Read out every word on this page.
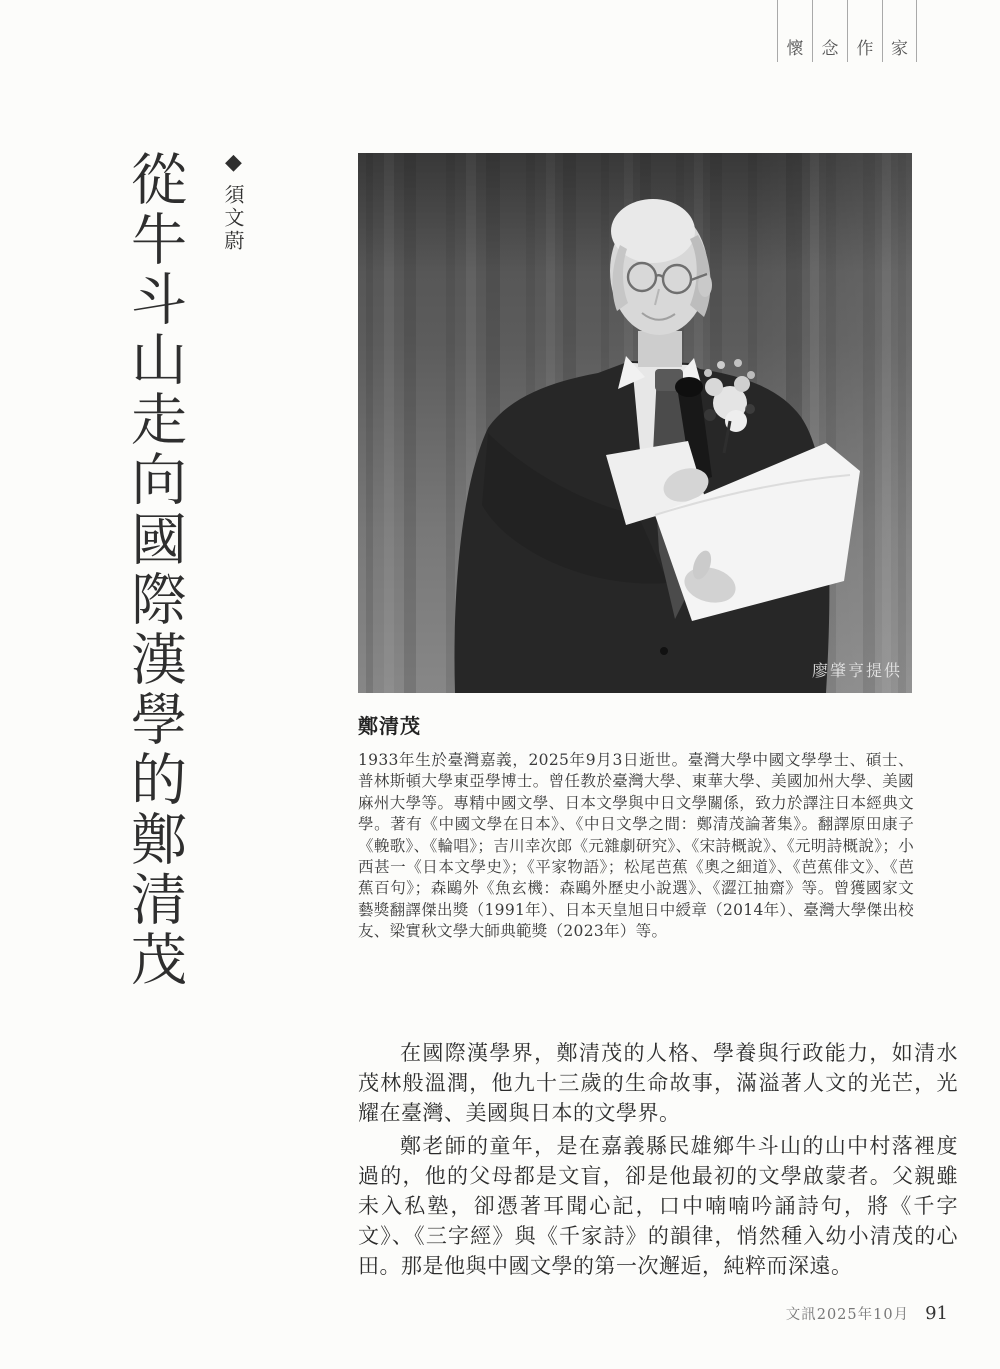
懷	念	作	家
從牛斗山走向國際漢學的鄭清茂 ◆須文蔚
廖肇亨提供
鄭清茂

1933年生於臺灣嘉義，2025年9月3日逝世。臺灣大學中國文學學士、碩士、普林斯頓大學東亞學博士。曾任教於臺灣大學、東華大學、美國加州大學、美國麻州大學等。專精中國文學、日本文學與中日文學關係，致力於譯注日本經典文學。著有《中國文學在日本》、《中日文學之間：鄭清茂論著集》。翻譯原田康子《輓歌》、《輪唱》；吉川幸次郎《元雜劇研究》、《宋詩概說》、《元明詩概說》；小西甚一《日本文學史》；《平家物語》；松尾芭蕉《奧之細道》、《芭蕉俳文》、《芭蕉百句》；森鷗外《魚玄機：森鷗外歷史小說選》、《澀江抽齋》等。曾獲國家文藝獎翻譯傑出獎（1991年）、日本天皇旭日中綬章（2014年）、臺灣大學傑出校友、梁實秋文學大師典範獎（2023年）等。

在國際漢學界，鄭清茂的人格、學養與行政能力，如清水茂林般溫潤，他九十三歲的生命故事，滿溢著人文的光芒，光耀在臺灣、美國與日本的文學界。

鄭老師的童年，是在嘉義縣民雄鄉牛斗山的山中村落裡度過的，他的父母都是文盲，卻是他最初的文學啟蒙者。父親雖未入私塾，卻憑著耳聞心記，口中喃喃吟誦詩句，將《千字文》、《三字經》與《千家詩》的韻律，悄然種入幼小清茂的心田。那是他與中國文學的第一次邂逅，純粹而深遠。

文訊2025年10月 91
